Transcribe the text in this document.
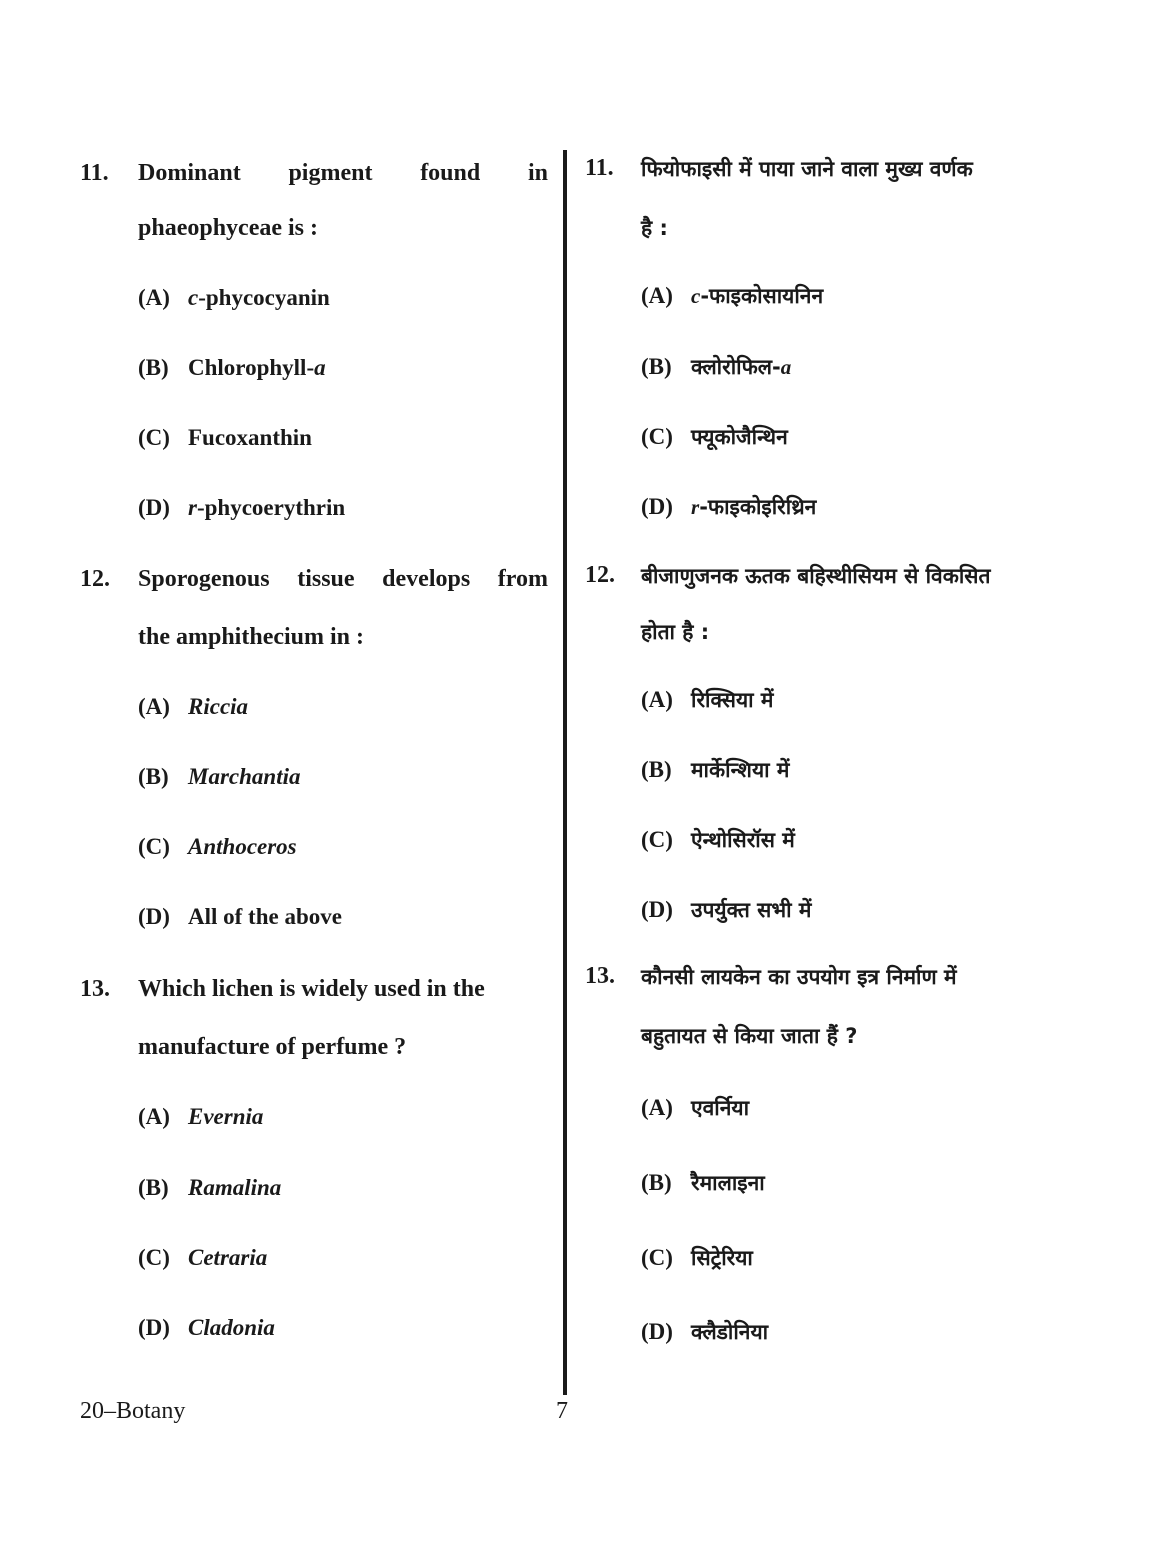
11. Dominant pigment found in
phaeophyceae is :
(A) c-phycocyanin
(B) Chlorophyll-a
(C) Fucoxanthin
(D) r-phycoerythrin
12. Sporogenous tissue develops from
the amphithecium in :
(A) Riccia
(B) Marchantia
(C) Anthoceros
(D) All of the above
13. Which lichen is widely used in the
manufacture of perfume ?
(A) Evernia
(B) Ramalina
(C) Cetraria
(D) Cladonia
11. फियोफाइसी में पाया जाने वाला मुख्य वर्णक
है :
(A) c-फाइकोसायनिन
(B) क्लोरोफिल-a
(C) फ्यूकोजैन्थिन
(D) r-फाइकोइरिथ्रिन
12. बीजाणुजनक ऊतक बहिस्थीसियम से विकसित
होता है :
(A) रिक्सिया में
(B) मार्केन्शिया में
(C) ऐन्थोसिरॉस में
(D) उपर्युक्त सभी में
13. कौनसी लायकेन का उपयोग इत्र निर्माण में
बहुतायत से किया जाता हैं ?
(A) एवर्निया
(B) रैमालाइना
(C) सिट्रेरिया
(D) क्लैडोनिया
20–Botany	7
